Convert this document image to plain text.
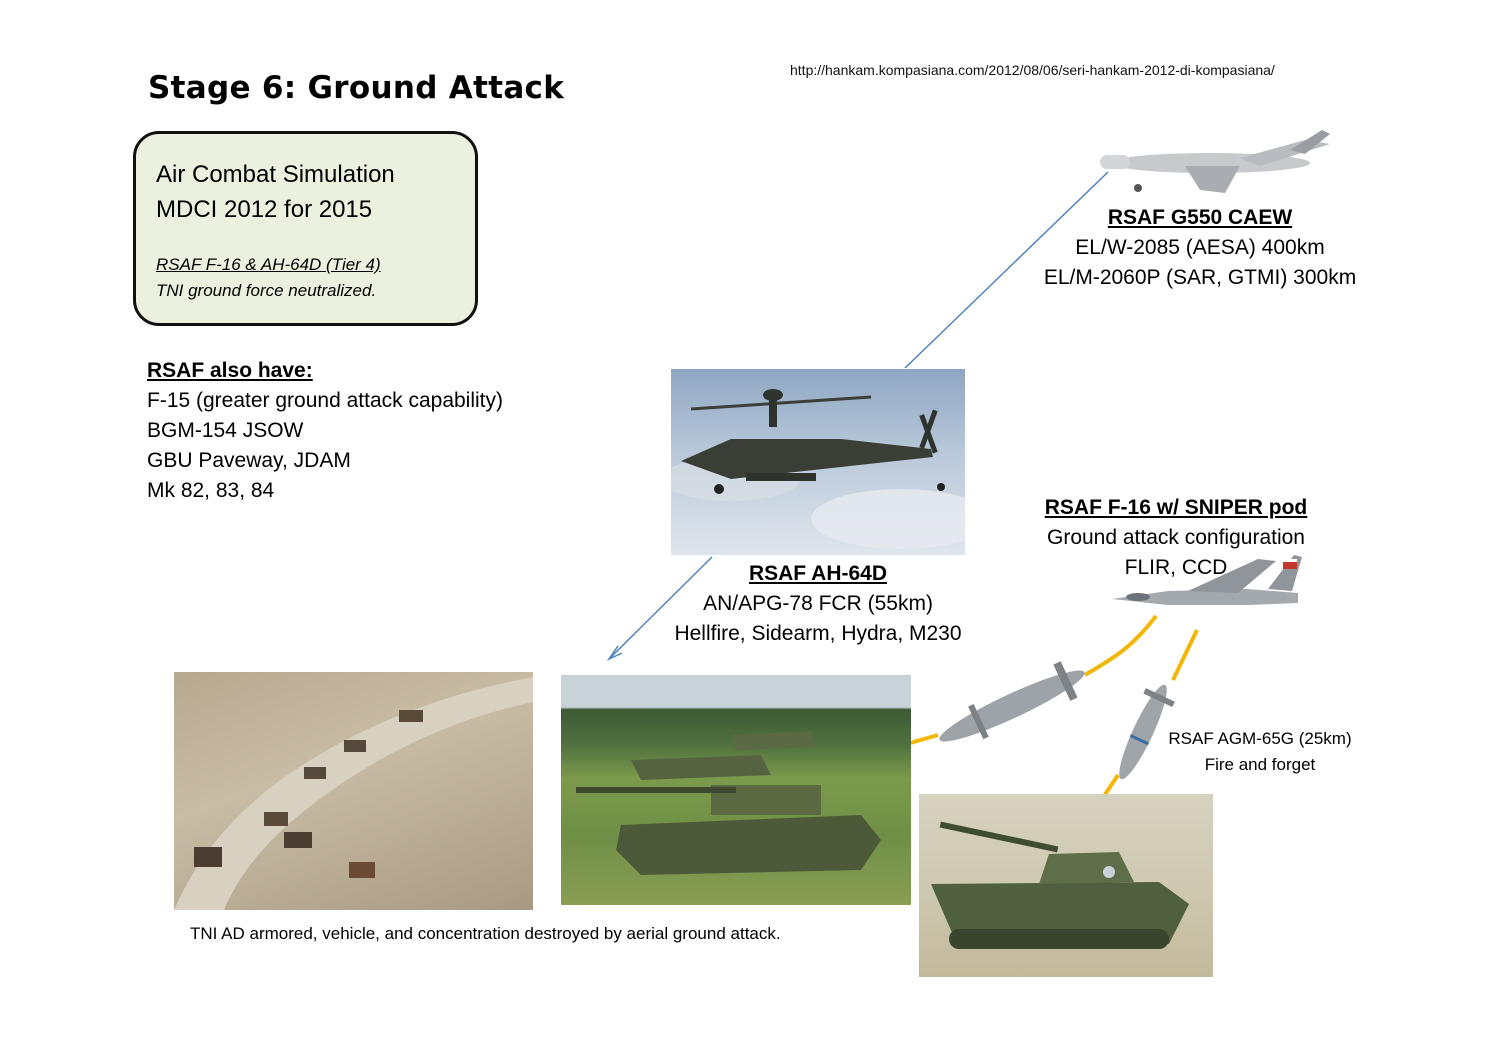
Stage 6: Ground Attack	http://hankam.kompasiana.com/2012/08/06/seri-hankam-2012-di-kompasiana/
Air Combat Simulation
MDCI 2012 for 2015
RSAF F-16 & AH-64D (Tier 4)
TNI ground force neutralized.
RSAF also have:
F-15 (greater ground attack capability)
BGM-154 JSOW
GBU Paveway, JDAM
Mk 82, 83, 84
RSAF G550 CAEW
EL/W-2085 (AESA) 400km
EL/M-2060P (SAR, GTMI) 300km
RSAF AH-64D
AN/APG-78 FCR (55km)
Hellfire, Sidearm, Hydra, M230
RSAF F-16 w/ SNIPER pod
Ground attack configuration
FLIR, CCD
RSAF AGM-65G (25km)
Fire and forget
TNI AD armored, vehicle, and concentration destroyed by aerial ground attack.
